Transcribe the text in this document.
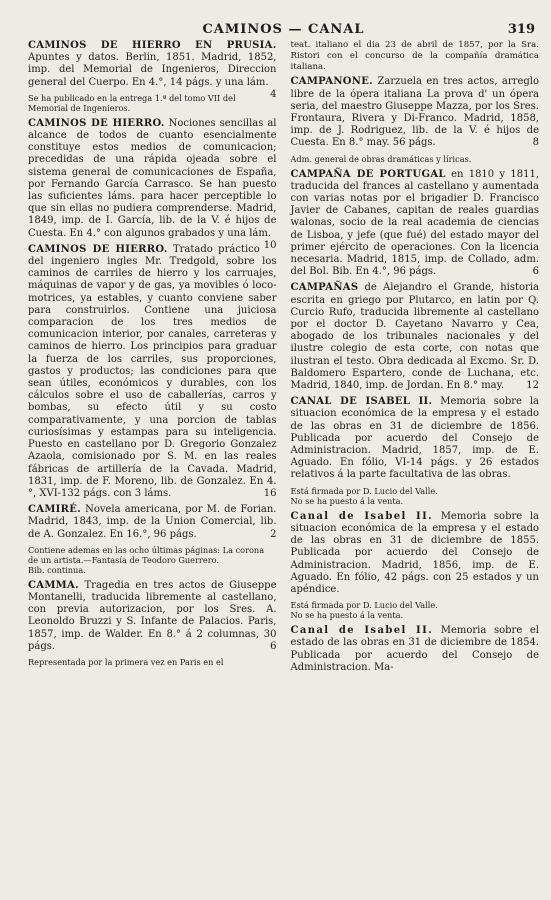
CAMINOS — CANAL	319
CAMINOS DE HIERRO EN PRUSIA. Apuntes y datos. Berlin, 1851. Madrid, 1852, imp. del Memorial de Ingenieros, Direccion general del Cuerpo. En 4.°, 14 págs. y una lám.
4
Se ha publicado en la entrega 1.ª del tomo VII del Memorial de Ingenieros.
CAMINOS DE HIERRO. Nociones sencillas al alcance de todos de cuanto esencialmente constituye estos medios de comunicacion; precedidas de una rápida ojeada sobre el sistema general de comunicaciones de España, por Fernando García Carrasco. Se han puesto las suficientes láms. para hacer perceptible lo que sin ellas no pudiera comprenderse. Madrid, 1849, imp. de I. García, lib. de la V. é hijos de Cuesta. En 4.° con algunos grabados y una lám.
10
CAMINOS DE HIERRO. Tratado práctico del ingeniero ingles Mr. Tredgold, sobre los caminos de carriles de hierro y los carruajes, máquinas de vapor y de gas, ya movibles ó loco-motrices, ya estables, y cuanto conviene saber para construirlos. Contiene una juiciosa comparacion de los tres medios de comunicacion interior, por canales, carreteras y caminos de hierro. Los principios para graduar la fuerza de los carriles, sus proporciones, gastos y productos; las condiciones para que sean útiles, económicos y durables, con los cálculos sobre el uso de caballerías, carros y bombas, su efecto útil y su costo comparativamente, y una porcion de tablas curiosísimas y estampas para su inteligencia. Puesto en castellano por D. Gregorio Gonzalez Azaola, comisionado por S. M. en las reales fábricas de artillería de la Cavada. Madrid, 1831, imp. de F. Moreno, lib. de Gonzalez. En 4.°, XVI-132 págs. con 3 láms.	16
CAMIRÉ. Novela americana, por M. de Forian. Madrid, 1843, imp. de la Union Comercial, lib. de A. Gonzalez. En 16.°, 96 págs.	2
Contiene ademas en las ocho últimas páginas: La corona de un artista.—Fantasía de Teodoro Guerrero.
Bib. continua.
CAMMA. Tragedia en tres actos de Giuseppe Montanelli, traducida libremente al castellano, con previa autorizacion, por los Sres. A. Leonoldo Bruzzi y S. Infante de Palacios. Paris, 1857, imp. de Walder. En 8.° á 2 columnas, 30 págs.	6
Representada por la primera vez en Paris en el
teat. italiano el dia 23 de abril de 1857, por la Sra. Ristori con el concurso de la compañía dramática italiana.
CAMPANONE. Zarzuela en tres actos, arreglo libre de la ópera italiana La prova d' un ópera seria, del maestro Giuseppe Mazza, por los Sres. Frontaura, Rivera y Di-Franco. Madrid, 1858, imp. de J. Rodriguez, lib. de la V. é hijos de Cuesta. En 8.° may. 56 págs.	8
Adm. general de obras dramáticas y líricas.
CAMPAÑA DE PORTUGAL en 1810 y 1811, traducida del frances al castellano y aumentada con varias notas por el brigadier D. Francisco Javier de Cabanes, capitan de reales guardias walonas, socio de la real academia de ciencias de Lisboa, y jefe (que fué) del estado mayor del primer ejército de operaciones. Con la licencia necesaria. Madrid, 1815, imp. de Collado, adm. del Bol. Bib. En 4.°, 96 págs.	6
CAMPAÑAS de Alejandro el Grande, historia escrita en griego por Plutarco, en latin por Q. Curcio Rufo, traducida libremente al castellano por el doctor D. Cayetano Navarro y Cea, abogado de los tribunales nacionales y del ilustre colegio de esta corte, con notas que ilustran el testo. Obra dedicada al Excmo. Sr. D. Baldomero Espartero, conde de Luchana, etc. Madrid, 1840, imp. de Jordan. En 8.° may.	12
CANAL DE ISABEL II. Memoria sobre la situacion económica de la empresa y el estado de las obras en 31 de diciembre de 1856. Publicada por acuerdo del Consejo de Administracion. Madrid, 1857, imp. de E. Aguado. En fólio, VI-14 págs. y 26 estados relativos á la parte facultativa de las obras.
Está firmada por D. Lucio del Valle.
No se ha puesto á la venta.
Canal de Isabel II. Memoria sobre la situacion económica de la empresa y el estado de las obras en 31 de diciembre de 1855. Publicada por acuerdo del Consejo de Administracion. Madrid, 1856, imp. de E. Aguado. En fólio, 42 págs. con 25 estados y un apéndice.
Está firmada por D. Lucio del Valle.
No se ha puesto á la venta.
Canal de Isabel II. Memoria sobre el estado de las obras en 31 de diciembre de 1854. Publicada por acuerdo del Consejo de Administracion. Ma-
